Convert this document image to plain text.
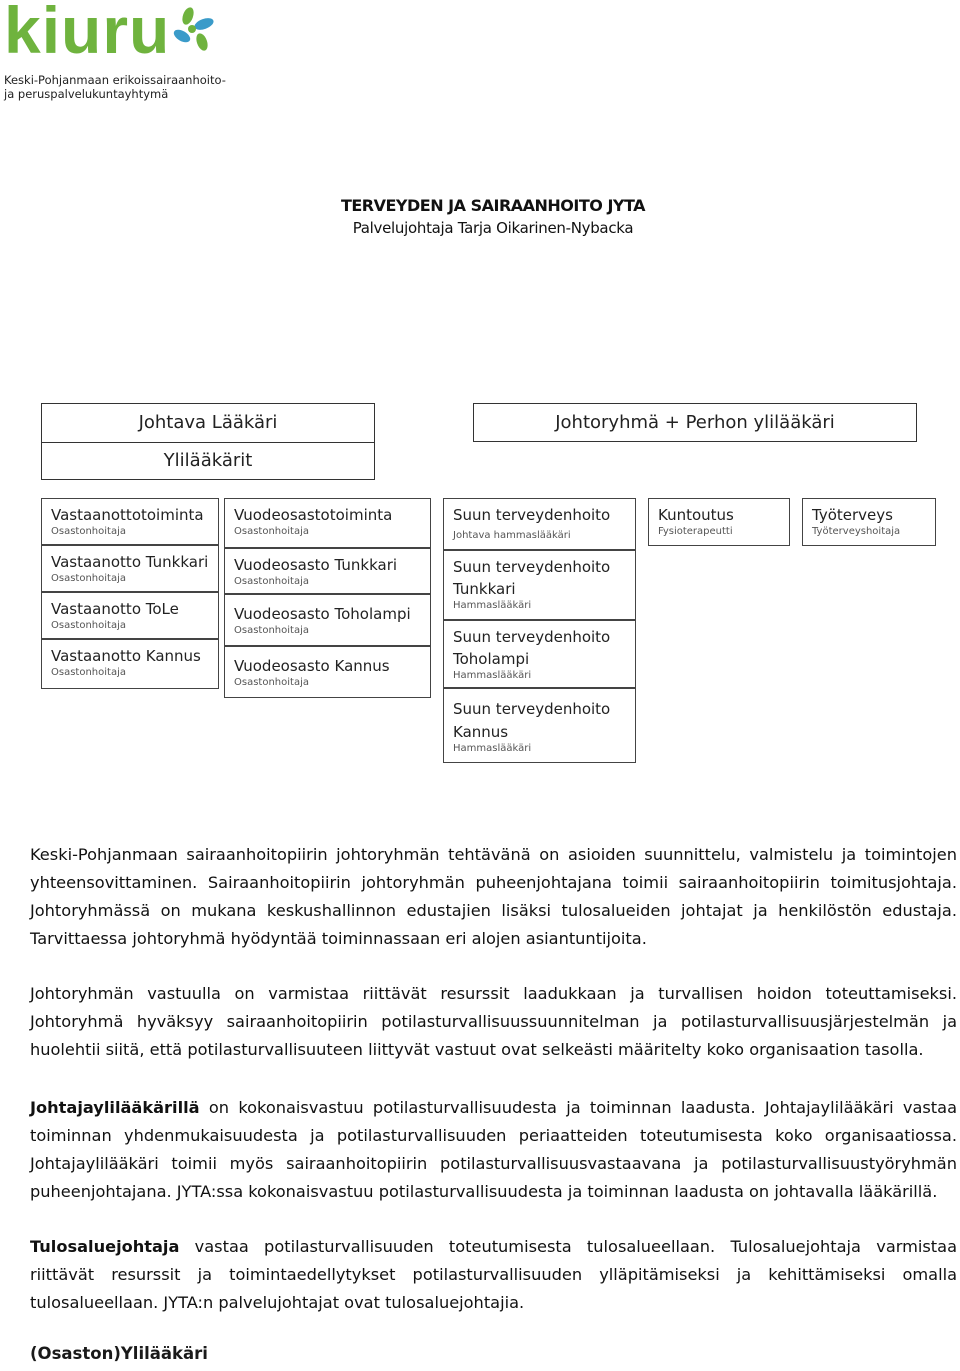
kiuru
Keski-Pohjanmaan erikoissairaanhoito-
ja peruspalvelukuntayhtymä
TERVEYDEN JA SAIRAANHOITO JYTA
Palvelujohtaja Tarja Oikarinen-Nybacka
Johtava Lääkäri
Ylilääkärit
Johtoryhmä + Perhon ylilääkäri
Vastaanottotoiminta
Osastonhoitaja
Vastaanotto Tunkkari
Osastonhoitaja
Vastaanotto ToLe
Osastonhoitaja
Vastaanotto Kannus
Osastonhoitaja
Vuodeosastotoiminta
Osastonhoitaja
Vuodeosasto Tunkkari
Osastonhoitaja
Vuodeosasto Toholampi
Osastonhoitaja
Vuodeosasto Kannus
Osastonhoitaja
Suun terveydenhoito
Johtava hammaslääkäri
Suun terveydenhoito
Tunkkari
Hammaslääkäri
Suun terveydenhoito
Toholampi
Hammaslääkäri
Suun terveydenhoito
Kannus
Hammaslääkäri
Kuntoutus
Fysioterapeutti
Työterveys
Työterveyshoitaja
Keski-Pohjanmaan sairaanhoitopiirin johtoryhmän tehtävänä on asioiden suunnittelu, valmistelu ja toimintojen yhteensovittaminen. Sairaanhoitopiirin johtoryhmän puheenjohtajana toimii sairaanhoitopiirin toimitusjohtaja. Johtoryhmässä on mukana keskushallinnon edustajien lisäksi tulosalueiden johtajat ja henkilöstön edustaja. Tarvittaessa johtoryhmä hyödyntää toiminnassaan eri alojen asiantuntijoita.
Johtoryhmän vastuulla on varmistaa riittävät resurssit laadukkaan ja turvallisen hoidon toteuttamiseksi. Johtoryhmä hyväksyy sairaanhoitopiirin potilasturvallisuussuunnitelman ja potilasturvallisuusjärjestelmän ja huolehtii siitä, että potilasturvallisuuteen liittyvät vastuut ovat selkeästi määritelty koko organisaation tasolla.
Johtajaylilääkärillä on kokonaisvastuu potilasturvallisuudesta ja toiminnan laadusta. Johtajaylilääkäri vastaa toiminnan yhdenmukaisuudesta ja potilasturvallisuuden periaatteiden toteutumisesta koko organisaatiossa. Johtajaylilääkäri toimii myös sairaanhoitopiirin potilasturvallisuusvastaavana ja potilasturvallisuustyöryhmän puheenjohtajana. JYTA:ssa kokonaisvastuu potilasturvallisuudesta ja toiminnan laadusta on johtavalla lääkärillä.
Tulosaluejohtaja vastaa potilasturvallisuuden toteutumisesta tulosalueellaan. Tulosaluejohtaja varmistaa riittävät resurssit ja toimintaedellytykset potilasturvallisuuden ylläpitämiseksi ja kehittämiseksi omalla tulosalueellaan. JYTA:n palvelujohtajat ovat tulosaluejohtajia.
(Osaston)Ylilääkäri
